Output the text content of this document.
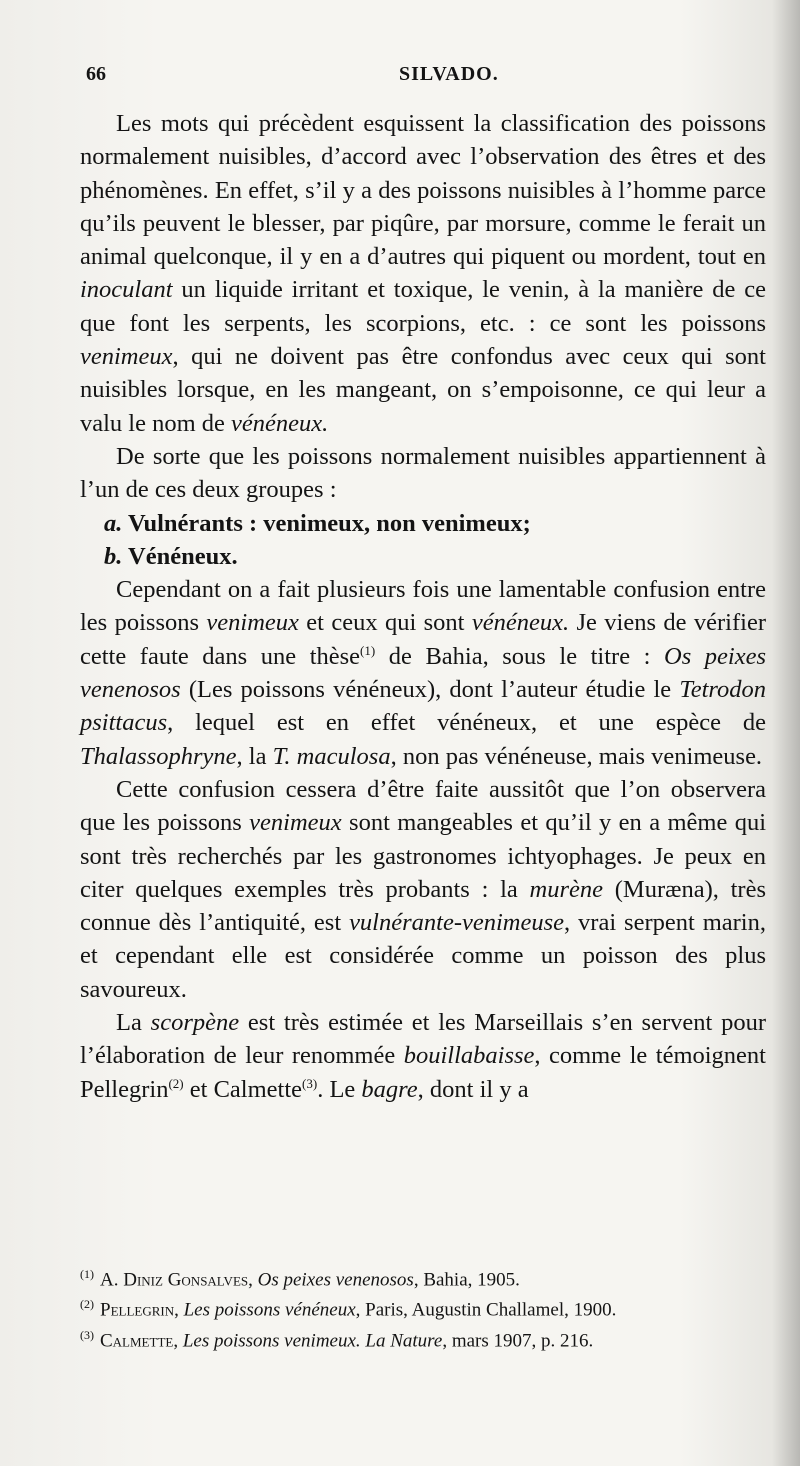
66	SILVADO.

Les mots qui précèdent esquissent la classification des poissons normalement nuisibles, d’accord avec l’observation des êtres et des phénomènes. En effet, s’il y a des poissons nuisibles à l’homme parce qu’ils peuvent le blesser, par piqûre, par morsure, comme le ferait un animal quelconque, il y en a d’autres qui piquent ou mordent, tout en inoculant un liquide irritant et toxique, le venin, à la manière de ce que font les serpents, les scorpions, etc. : ce sont les poissons venimeux, qui ne doivent pas être confondus avec ceux qui sont nuisibles lorsque, en les mangeant, on s’empoisonne, ce qui leur a valu le nom de vénéneux.

De sorte que les poissons normalement nuisibles appartiennent à l’un de ces deux groupes :

a. Vulnérants : venimeux, non venimeux;

b. Vénéneux.

Cependant on a fait plusieurs fois une lamentable confusion entre les poissons venimeux et ceux qui sont vénéneux. Je viens de vérifier cette faute dans une thèse$^{(1)}$ de Bahia, sous le titre : Os peixes venenosos (Les poissons vénéneux), dont l’auteur étudie le Tetrodon psittacus, lequel est en effet vénéneux, et une espèce de Thalassophryne, la T. maculosa, non pas vénéneuse, mais venimeuse.

Cette confusion cessera d’être faite aussitôt que l’on observera que les poissons venimeux sont mangeables et qu’il y en a même qui sont très recherchés par les gastronomes ichtyophages. Je peux en citer quelques exemples très probants : la murène (Muræna), très connue dès l’antiquité, est vulnérante-venimeuse, vrai serpent marin, et cependant elle est considérée comme un poisson des plus savoureux.

La scorpène est très estimée et les Marseillais s’en servent pour l’élaboration de leur renommée bouillabaisse, comme le témoignent Pellegrin$^{(2)}$ et Calmette$^{(3)}$. Le bagre, dont il y a

$^{(1)}$ A. Diniz Gonsalves, Os peixes venenosos, Bahia, 1905.

$^{(2)}$ Pellegrin, Les poissons vénéneux, Paris, Augustin Challamel, 1900.

$^{(3)}$ Calmette, Les poissons venimeux. La Nature, mars 1907, p. 216.
